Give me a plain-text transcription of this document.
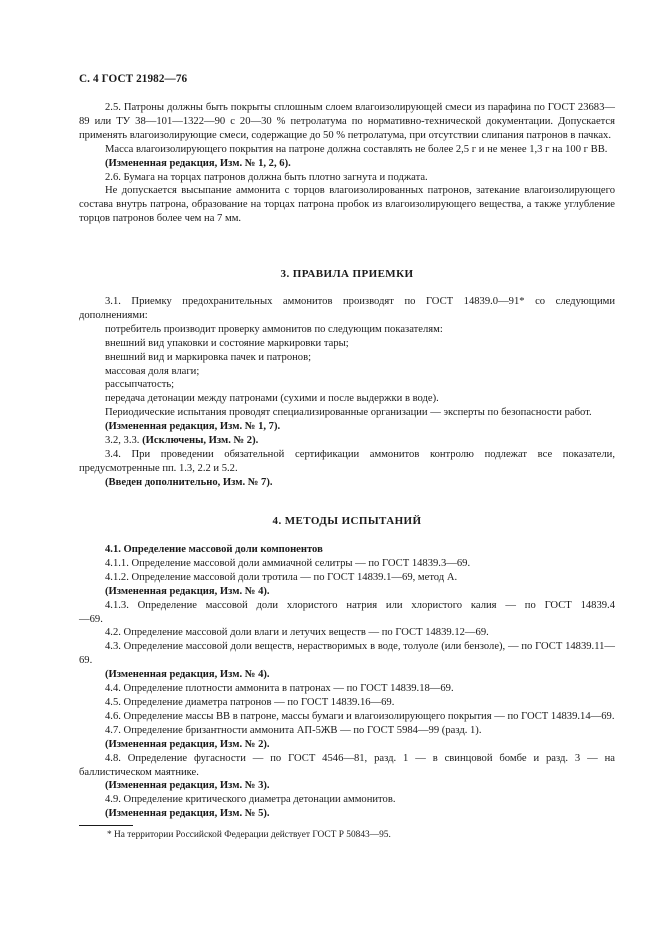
С. 4 ГОСТ 21982—76

2.5. Патроны должны быть покрыты сплошным слоем влагоизолирующей смеси из парафина по ГОСТ 23683—89 или ТУ 38—101—1322—90 с 20—30 % петролатума по нормативно-технической документации. Допускается применять влагоизолирующие смеси, содержащие до 50 % петролатума, при отсутствии слипания патронов в пачках.

Масса влагоизолирующего покрытия на патроне должна составлять не более 2,5 г и не менее 1,3 г на 100 г ВВ.

(Измененная редакция, Изм. № 1, 2, 6).

2.6. Бумага на торцах патронов должна быть плотно загнута и поджата.

Не допускается высыпание аммонита с торцов влагоизолированных патронов, затекание влагоизолирующего состава внутрь патрона, образование на торцах патрона пробок из влагоизолирующего вещества, а также углубление торцов патронов более чем на 7 мм.

3. ПРАВИЛА ПРИЕМКИ

3.1. Приемку предохранительных аммонитов производят по ГОСТ 14839.0—91* со следующими дополнениями:

потребитель производит проверку аммонитов по следующим показателям:

внешний вид упаковки и состояние маркировки тары;

внешний вид и маркировка пачек и патронов;

массовая доля влаги;

рассыпчатость;

передача детонации между патронами (сухими и после выдержки в воде).

Периодические испытания проводят специализированные организации — эксперты по безопасности работ.

(Измененная редакция, Изм. № 1, 7).

3.2, 3.3. (Исключены, Изм. № 2).

3.4. При проведении обязательной сертификации аммонитов контролю подлежат все показатели, предусмотренные пп. 1.3, 2.2 и 5.2.

(Введен дополнительно, Изм. № 7).

4. МЕТОДЫ ИСПЫТАНИЙ

4.1. Определение массовой доли компонентов

4.1.1. Определение массовой доли аммиачной селитры — по ГОСТ 14839.3—69.

4.1.2. Определение массовой доли тротила — по ГОСТ 14839.1—69, метод А.

(Измененная редакция, Изм. № 4).

4.1.3. Определение массовой доли хлористого натрия или хлористого калия — по ГОСТ 14839.4—69.

4.2. Определение массовой доли влаги и летучих веществ — по ГОСТ 14839.12—69.

4.3. Определение массовой доли веществ, нерастворимых в воде, толуоле (или бензоле), — по ГОСТ 14839.11—69.

(Измененная редакция, Изм. № 4).

4.4. Определение плотности аммонита в патронах — по ГОСТ 14839.18—69.

4.5. Определение диаметра патронов — по ГОСТ 14839.16—69.

4.6. Определение массы ВВ в патроне, массы бумаги и влагоизолирующего покрытия — по ГОСТ 14839.14—69.

4.7. Определение бризантности аммонита АП-5ЖВ — по ГОСТ 5984—99 (разд. 1).

(Измененная редакция, Изм. № 2).

4.8. Определение фугасности — по ГОСТ 4546—81, разд. 1 — в свинцовой бомбе и разд. 3 — на баллистическом маятнике.

(Измененная редакция, Изм. № 3).

4.9. Определение критического диаметра детонации аммонитов.

(Измененная редакция, Изм. № 5).

* На территории Российской Федерации действует ГОСТ Р 50843—95.
